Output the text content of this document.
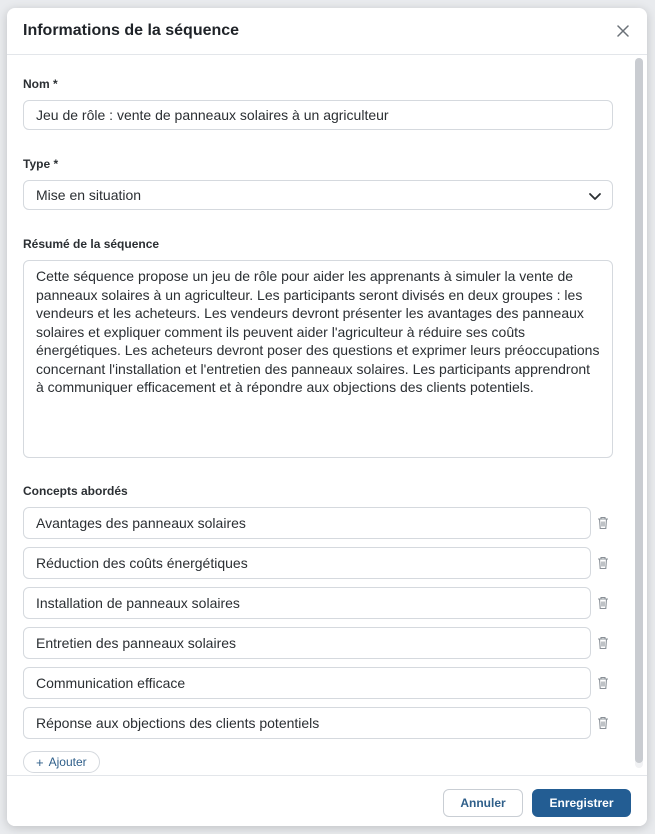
Informations de la séquence
Nom *
Jeu de rôle : vente de panneaux solaires à un agriculteur
Type *
Mise en situation
Résumé de la séquence
Cette séquence propose un jeu de rôle pour aider les apprenants à simuler la vente de panneaux solaires à un agriculteur. Les participants seront divisés en deux groupes : les vendeurs et les acheteurs. Les vendeurs devront présenter les avantages des panneaux solaires et expliquer comment ils peuvent aider l'agriculteur à réduire ses coûts énergétiques. Les acheteurs devront poser des questions et exprimer leurs préoccupations concernant l'installation et l'entretien des panneaux solaires. Les participants apprendront à communiquer efficacement et à répondre aux objections des clients potentiels.
Concepts abordés
Avantages des panneaux solaires
Réduction des coûts énergétiques
Installation de panneaux solaires
Entretien des panneaux solaires
Communication efficace
Réponse aux objections des clients potentiels
+ Ajouter
Annuler	Enregistrer
